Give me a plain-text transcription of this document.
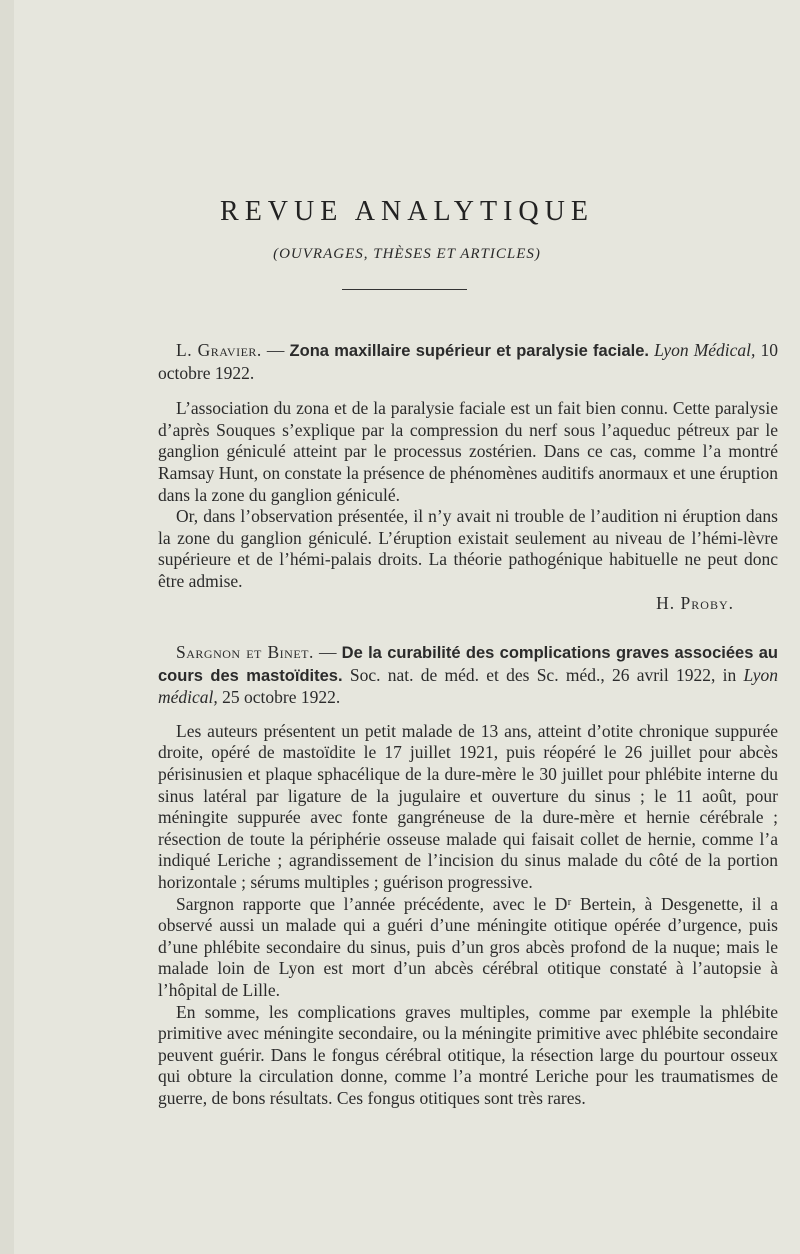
REVUE ANALYTIQUE
(OUVRAGES, THÈSES ET ARTICLES)
L. Gravier. — Zona maxillaire supérieur et paralysie faciale. Lyon Médical, 10 octobre 1922.

L’association du zona et de la paralysie faciale est un fait bien connu. Cette paralysie d’après Souques s’explique par la compression du nerf sous l’aqueduc pétreux par le ganglion géniculé atteint par le processus zostérien. Dans ce cas, comme l’a montré Ramsay Hunt, on constate la présence de phénomènes auditifs anormaux et une éruption dans la zone du ganglion géniculé.

Or, dans l’observation présentée, il n’y avait ni trouble de l’audition ni éruption dans la zone du ganglion géniculé. L’éruption existait seulement au niveau de l’hémi-lèvre supérieure et de l’hémi-palais droits. La théorie pathogénique habituelle ne peut donc être admise.

H. Proby.
Sargnon et Binet. — De la curabilité des complications graves associées au cours des mastoïdites. Soc. nat. de méd. et des Sc. méd., 26 avril 1922, in Lyon médical, 25 octobre 1922.

Les auteurs présentent un petit malade de 13 ans, atteint d’otite chronique suppurée droite, opéré de mastoïdite le 17 juillet 1921, puis réopéré le 26 juillet pour abcès périsinusien et plaque sphacélique de la dure-mère le 30 juillet pour phlébite interne du sinus latéral par ligature de la jugulaire et ouverture du sinus ; le 11 août, pour méningite suppurée avec fonte gangréneuse de la dure-mère et hernie cérébrale ; résection de toute la périphérie osseuse malade qui faisait collet de hernie, comme l’a indiqué Leriche ; agrandissement de l’incision du sinus malade du côté de la portion horizontale ; sérums multiples ; guérison progressive.

Sargnon rapporte que l’année précédente, avec le Dʳ Bertein, à Desgenette, il a observé aussi un malade qui a guéri d’une méningite otitique opérée d’urgence, puis d’une phlébite secondaire du sinus, puis d’un gros abcès profond de la nuque; mais le malade loin de Lyon est mort d’un abcès cérébral otitique constaté à l’autopsie à l’hôpital de Lille.

En somme, les complications graves multiples, comme par exemple la phlébite primitive avec méningite secondaire, ou la méningite primitive avec phlébite secondaire peuvent guérir. Dans le fongus cérébral otitique, la résection large du pourtour osseux qui obture la circulation donne, comme l’a montré Leriche pour les traumatismes de guerre, de bons résultats. Ces fongus otitiques sont très rares.
